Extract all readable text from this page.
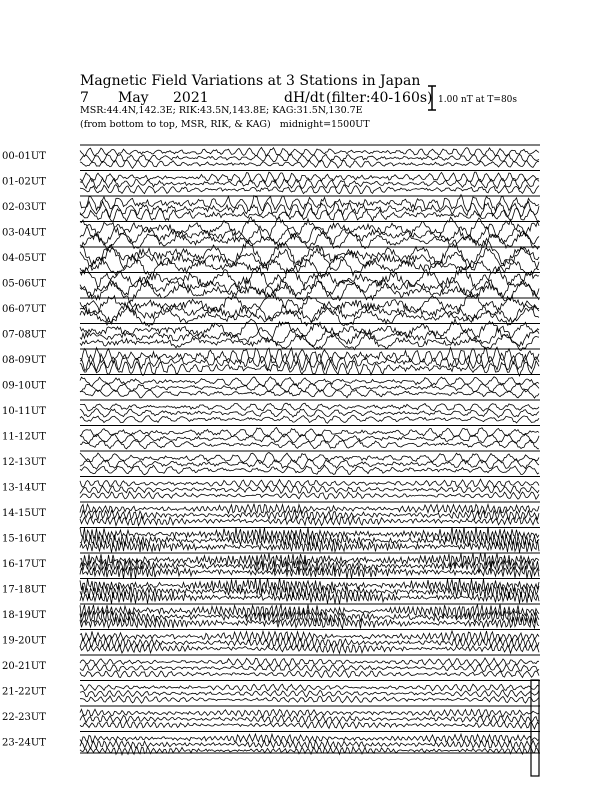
Magnetic Field Variations at 3 Stations in Japan
7 May 2021	dH/dt (filter:40-160s)
MSR:44.4N,142.3E; RIK:43.5N,143.8E; KAG:31.5N,130.7E
(from bottom to top, MSR, RIK, & KAG) midnight=1500UT
1.00 nT at T=80s
00-01UT
01-02UT
02-03UT
03-04UT
04-05UT
05-06UT
06-07UT
07-08UT
08-09UT
09-10UT
10-11UT
11-12UT
12-13UT
13-14UT
14-15UT
15-16UT
16-17UT
17-18UT
18-19UT
19-20UT
20-21UT
21-22UT
22-23UT
23-24UT
